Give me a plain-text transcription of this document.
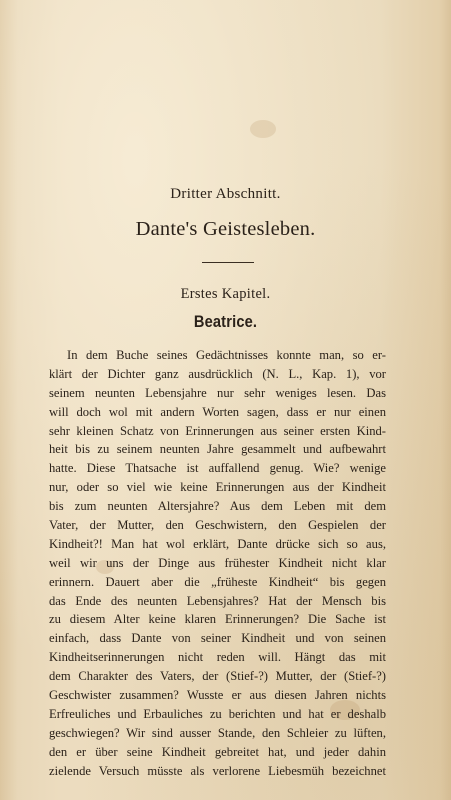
Dritter Abschnitt.
Dante's Geistesleben.
Erstes Kapitel.
Beatrice.
In dem Buche seines Gedächtnisses konnte man, so er-
klärt der Dichter ganz ausdrücklich (N. L., Kap. 1), vor
seinem neunten Lebensjahre nur sehr weniges lesen. Das
will doch wol mit andern Worten sagen, dass er nur einen
sehr kleinen Schatz von Erinnerungen aus seiner ersten Kind-
heit bis zu seinem neunten Jahre gesammelt und aufbewahrt
hatte. Diese Thatsache ist auffallend genug. Wie? wenige
nur, oder so viel wie keine Erinnerungen aus der Kindheit
bis zum neunten Altersjahre? Aus dem Leben mit dem
Vater, der Mutter, den Geschwistern, den Gespielen der
Kindheit?! Man hat wol erklärt, Dante drücke sich so aus,
weil wir uns der Dinge aus frühester Kindheit nicht klar
erinnern. Dauert aber die „früheste Kindheit“ bis gegen
das Ende des neunten Lebensjahres? Hat der Mensch bis
zu diesem Alter keine klaren Erinnerungen? Die Sache ist
einfach, dass Dante von seiner Kindheit und von seinen
Kindheitserinnerungen nicht reden will. Hängt das mit
dem Charakter des Vaters, der (Stief-?) Mutter, der (Stief-?)
Geschwister zusammen? Wusste er aus diesen Jahren nichts
Erfreuliches und Erbauliches zu berichten und hat er deshalb
geschwiegen? Wir sind ausser Stande, den Schleier zu lüften,
den er über seine Kindheit gebreitet hat, und jeder dahin
zielende Versuch müsste als verlorene Liebesmüh bezeichnet
